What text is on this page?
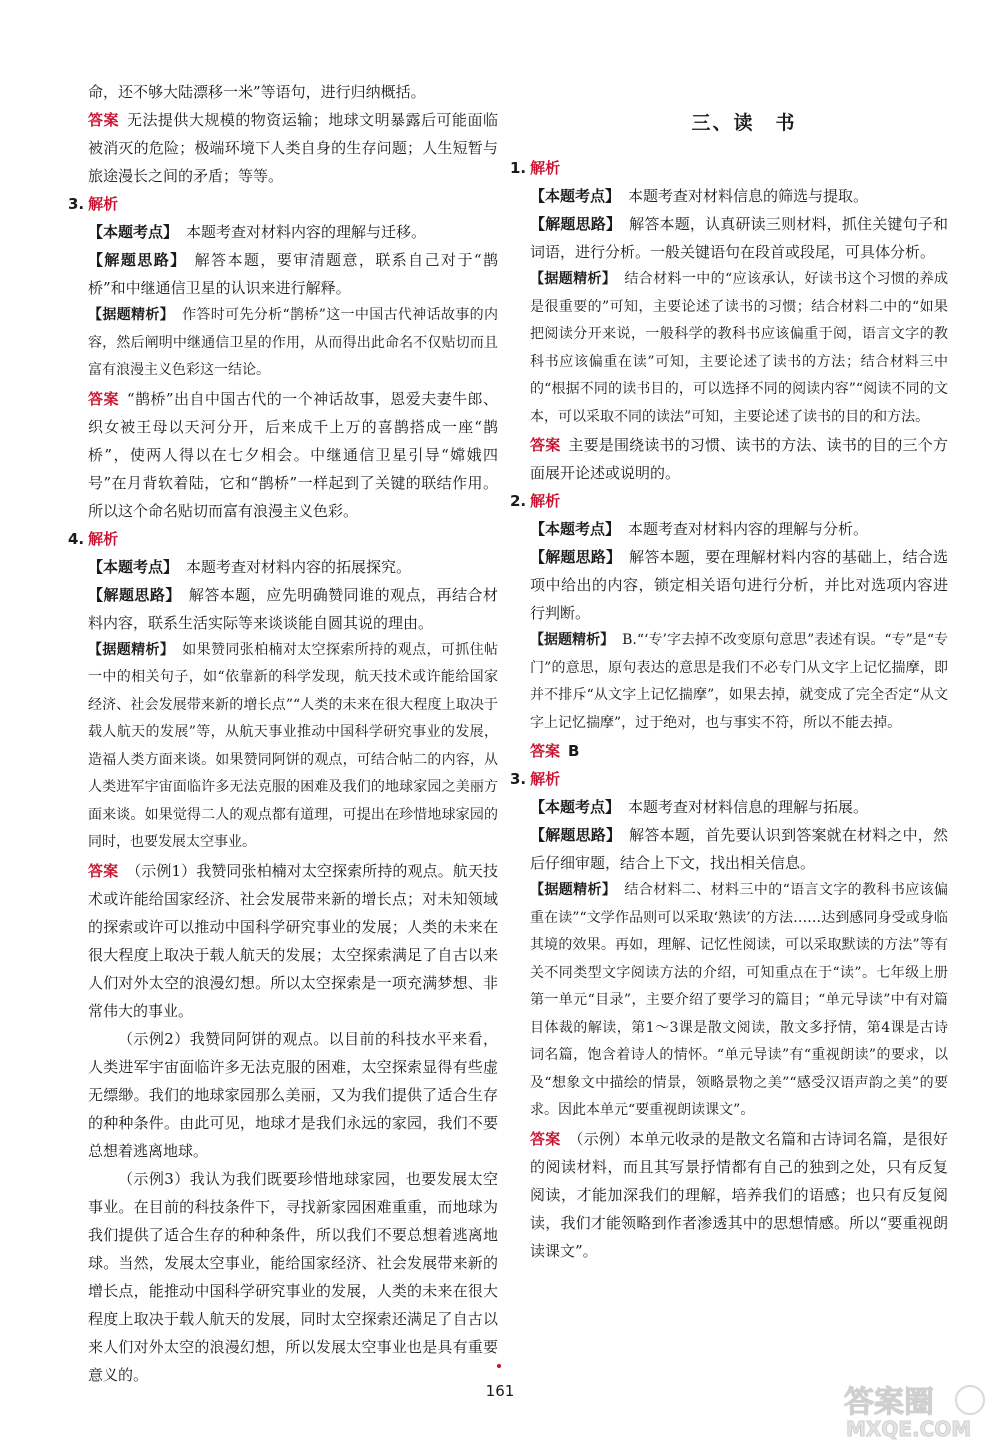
命，还不够大陆漂移一米”等语句，进行归纳概括。

答案 无法提供大规模的物资运输；地球文明暴露后可能面临被消灭的危险；极端环境下人类自身的生存问题；人生短暂与旅途漫长之间的矛盾；等等。

3. 解析

【本题考点】 本题考查对材料内容的理解与迁移。

【解题思路】 解答本题，要审清题意，联系自己对于“鹊桥”和中继通信卫星的认识来进行解释。

【据题精析】 作答时可先分析“鹊桥”这一中国古代神话故事的内容，然后阐明中继通信卫星的作用，从而得出此命名不仅贴切而且富有浪漫主义色彩这一结论。

答案 “鹊桥”出自中国古代的一个神话故事，恩爱夫妻牛郎、织女被王母以天河分开，后来成千上万的喜鹊搭成一座“鹊桥”，使两人得以在七夕相会。中继通信卫星引导“嫦娥四号”在月背软着陆，它和“鹊桥”一样起到了关键的联结作用。所以这个命名贴切而富有浪漫主义色彩。

4. 解析

【本题考点】 本题考查对材料内容的拓展探究。

【解题思路】 解答本题，应先明确赞同谁的观点，再结合材料内容，联系生活实际等来谈谈能自圆其说的理由。

【据题精析】 如果赞同张柏楠对太空探索所持的观点，可抓住帖一中的相关句子，如“依靠新的科学发现，航天技术或许能给国家经济、社会发展带来新的增长点”“人类的未来在很大程度上取决于载人航天的发展”等，从航天事业推动中国科学研究事业的发展，造福人类方面来谈。如果赞同阿饼的观点，可结合帖二的内容，从人类进军宇宙面临许多无法克服的困难及我们的地球家园之美丽方面来谈。如果觉得二人的观点都有道理，可提出在珍惜地球家园的同时，也要发展太空事业。

答案 （示例1）我赞同张柏楠对太空探索所持的观点。航天技术或许能给国家经济、社会发展带来新的增长点；对未知领域的探索或许可以推动中国科学研究事业的发展；人类的未来在很大程度上取决于载人航天的发展；太空探索满足了自古以来人们对外太空的浪漫幻想。所以太空探索是一项充满梦想、非常伟大的事业。

（示例2）我赞同阿饼的观点。以目前的科技水平来看，人类进军宇宙面临许多无法克服的困难，太空探索显得有些虚无缥缈。我们的地球家园那么美丽，又为我们提供了适合生存的种种条件。由此可见，地球才是我们永远的家园，我们不要总想着逃离地球。

（示例3）我认为我们既要珍惜地球家园，也要发展太空事业。在目前的科技条件下，寻找新家园困难重重，而地球为我们提供了适合生存的种种条件，所以我们不要总想着逃离地球。当然，发展太空事业，能给国家经济、社会发展带来新的增长点，能推动中国科学研究事业的发展，人类的未来在很大程度上取决于载人航天的发展，同时太空探索还满足了自古以来人们对外太空的浪漫幻想，所以发展太空事业也是具有重要意义的。

三、读　书
1. 解析

【本题考点】 本题考查对材料信息的筛选与提取。

【解题思路】 解答本题，认真研读三则材料，抓住关键句子和词语，进行分析。一般关键语句在段首或段尾，可具体分析。

【据题精析】 结合材料一中的“应该承认，好读书这个习惯的养成是很重要的”可知，主要论述了读书的习惯；结合材料二中的“如果把阅读分开来说，一般科学的教科书应该偏重于阅，语言文字的教科书应该偏重在读”可知，主要论述了读书的方法；结合材料三中的“根据不同的读书目的，可以选择不同的阅读内容”“阅读不同的文本，可以采取不同的读法”可知，主要论述了读书的目的和方法。

答案 主要是围绕读书的习惯、读书的方法、读书的目的三个方面展开论述或说明的。

2. 解析

【本题考点】 本题考查对材料内容的理解与分析。

【解题思路】 解答本题，要在理解材料内容的基础上，结合选项中给出的内容，锁定相关语句进行分析，并比对选项内容进行判断。

【据题精析】 B.“‘专’字去掉不改变原句意思”表述有误。“专”是“专门”的意思，原句表达的意思是我们不必专门从文字上记忆揣摩，即并不排斥“从文字上记忆揣摩”，如果去掉，就变成了完全否定“从文字上记忆揣摩”，过于绝对，也与事实不符，所以不能去掉。

答案 B

3. 解析

【本题考点】 本题考查对材料信息的理解与拓展。

【解题思路】 解答本题，首先要认识到答案就在材料之中，然后仔细审题，结合上下文，找出相关信息。

【据题精析】 结合材料二、材料三中的“语言文字的教科书应该偏重在读”“文学作品则可以采取‘熟读’的方法……达到感同身受或身临其境的效果。再如，理解、记忆性阅读，可以采取默读的方法”等有关不同类型文字阅读方法的介绍，可知重点在于“读”。七年级上册第一单元“目录”，主要介绍了要学习的篇目；“单元导读”中有对篇目体裁的解读，第1～3课是散文阅读，散文多抒情，第4课是古诗词名篇，饱含着诗人的情怀。“单元导读”有“重视朗读”的要求，以及“想象文中描绘的情景，领略景物之美”“感受汉语声韵之美”的要求。因此本单元“要重视朗读课文”。

答案 （示例）本单元收录的是散文名篇和古诗词名篇，是很好的阅读材料，而且其写景抒情都有自己的独到之处，只有反复阅读，才能加深我们的理解，培养我们的语感；也只有反复阅读，我们才能领略到作者渗透其中的思想情感。所以“要重视朗读课文”。

161	答案圈
MXQE.COM
